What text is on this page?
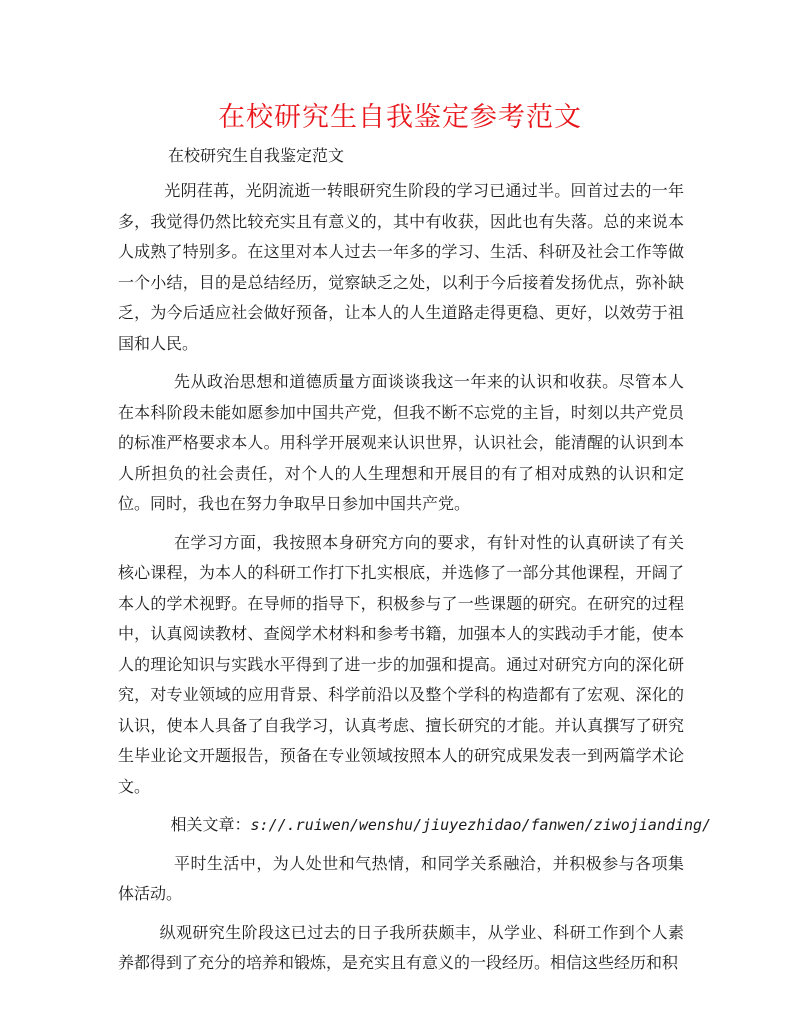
在校研究生自我鉴定参考范文
在校研究生自我鉴定范文

光阴荏苒，光阴流逝一转眼研究生阶段的学习已通过半。回首过去的一年多，我觉得仍然比较充实且有意义的，其中有收获，因此也有失落。总的来说本人成熟了特别多。在这里对本人过去一年多的学习、生活、科研及社会工作等做一个小结，目的是总结经历，觉察缺乏之处，以利于今后接着发扬优点，弥补缺乏，为今后适应社会做好预备，让本人的人生道路走得更稳、更好，以效劳于祖国和人民。

先从政治思想和道德质量方面谈谈我这一年来的认识和收获。尽管本人在本科阶段未能如愿参加中国共产党，但我不断不忘党的主旨，时刻以共产党员的标准严格要求本人。用科学开展观来认识世界，认识社会，能清醒的认识到本人所担负的社会责任，对个人的人生理想和开展目的有了相对成熟的认识和定位。同时，我也在努力争取早日参加中国共产党。

在学习方面，我按照本身研究方向的要求，有针对性的认真研读了有关核心课程，为本人的科研工作打下扎实根底，并选修了一部分其他课程，开阔了本人的学术视野。在导师的指导下，积极参与了一些课题的研究。在研究的过程中，认真阅读教材、查阅学术材料和参考书籍，加强本人的实践动手才能，使本人的理论知识与实践水平得到了进一步的加强和提高。通过对研究方向的深化研究，对专业领域的应用背景、科学前沿以及整个学科的构造都有了宏观、深化的认识，使本人具备了自我学习，认真考虑、擅长研究的才能。并认真撰写了研究生毕业论文开题报告，预备在专业领域按照本人的研究成果发表一到两篇学术论文。

相关文章：s://.ruiwen/wenshu/jiuyezhidao/fanwen/ziwojianding/

平时生活中，为人处世和气热情，和同学关系融洽，并积极参与各项集体活动。

纵观研究生阶段这已过去的日子我所获颇丰，从学业、科研工作到个人素养都得到了充分的培养和锻炼，是充实且有意义的一段经历。相信这些经历和积
